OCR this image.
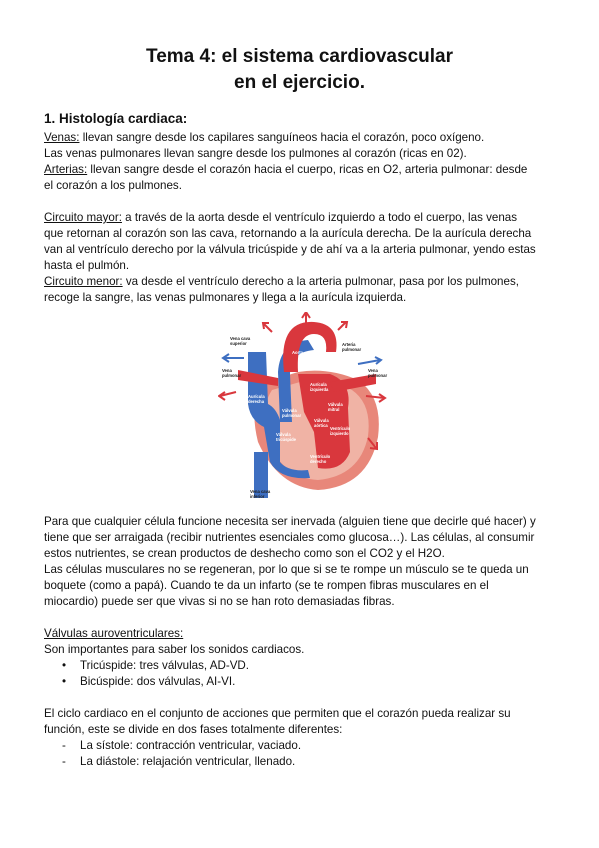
Tema 4: el sistema cardiovascular
en el ejercicio.
1. Histología cardiaca:
Venas: llevan sangre desde los capilares sanguíneos hacia el corazón, poco oxígeno.
Las venas pulmonares llevan sangre desde los pulmones al corazón (ricas en 02).
Arterias: llevan sangre desde el corazón hacia el cuerpo, ricas en O2, arteria pulmonar: desde
el corazón a los pulmones.
Circuito mayor: a través de la aorta desde el ventrículo izquierdo a todo el cuerpo, las venas
que retornan al corazón son las cava, retornando a la aurícula derecha. De la aurícula derecha
van al ventrículo derecho por la válvula tricúspide y de ahí va a la arteria pulmonar, yendo estas
hasta el pulmón.
Circuito menor: va desde el ventrículo derecho a la arteria pulmonar, pasa por los pulmones,
recoge la sangre, las venas pulmonares y llega a la aurícula izquierda.
Vena cava
superior
Aorta
Arteria
pulmonar
Vena
pulmonar
Vena
pulmonar
Aurícula
izquierda
Aurícula
derecha
Válvula
pulmonar
Válvula
mitral
Válvula
aórtica
Válvula
tricúspide
Ventrículo
izquierdo
Ventrículo
derecho
Vena cava
inferior
Para que cualquier célula funcione necesita ser inervada (alguien tiene que decirle qué hacer) y
tiene que ser arraigada (recibir nutrientes esenciales como glucosa…). Las células, al consumir
estos nutrientes, se crean productos de deshecho como son el CO2 y el H2O.
Las células musculares no se regeneran, por lo que si se te rompe un músculo se te queda un
boquete (como a papá). Cuando te da un infarto (se te rompen fibras musculares en el
miocardio) puede ser que vivas si no se han roto demasiadas fibras.
Válvulas auroventriculares:
Son importantes para saber los sonidos cardiacos.
• Tricúspide: tres válvulas, AD-VD.
• Bicúspide: dos válvulas, AI-VI.
El ciclo cardiaco en el conjunto de acciones que permiten que el corazón pueda realizar su
función, este se divide en dos fases totalmente diferentes:
- La sístole: contracción ventricular, vaciado.
- La diástole: relajación ventricular, llenado.
